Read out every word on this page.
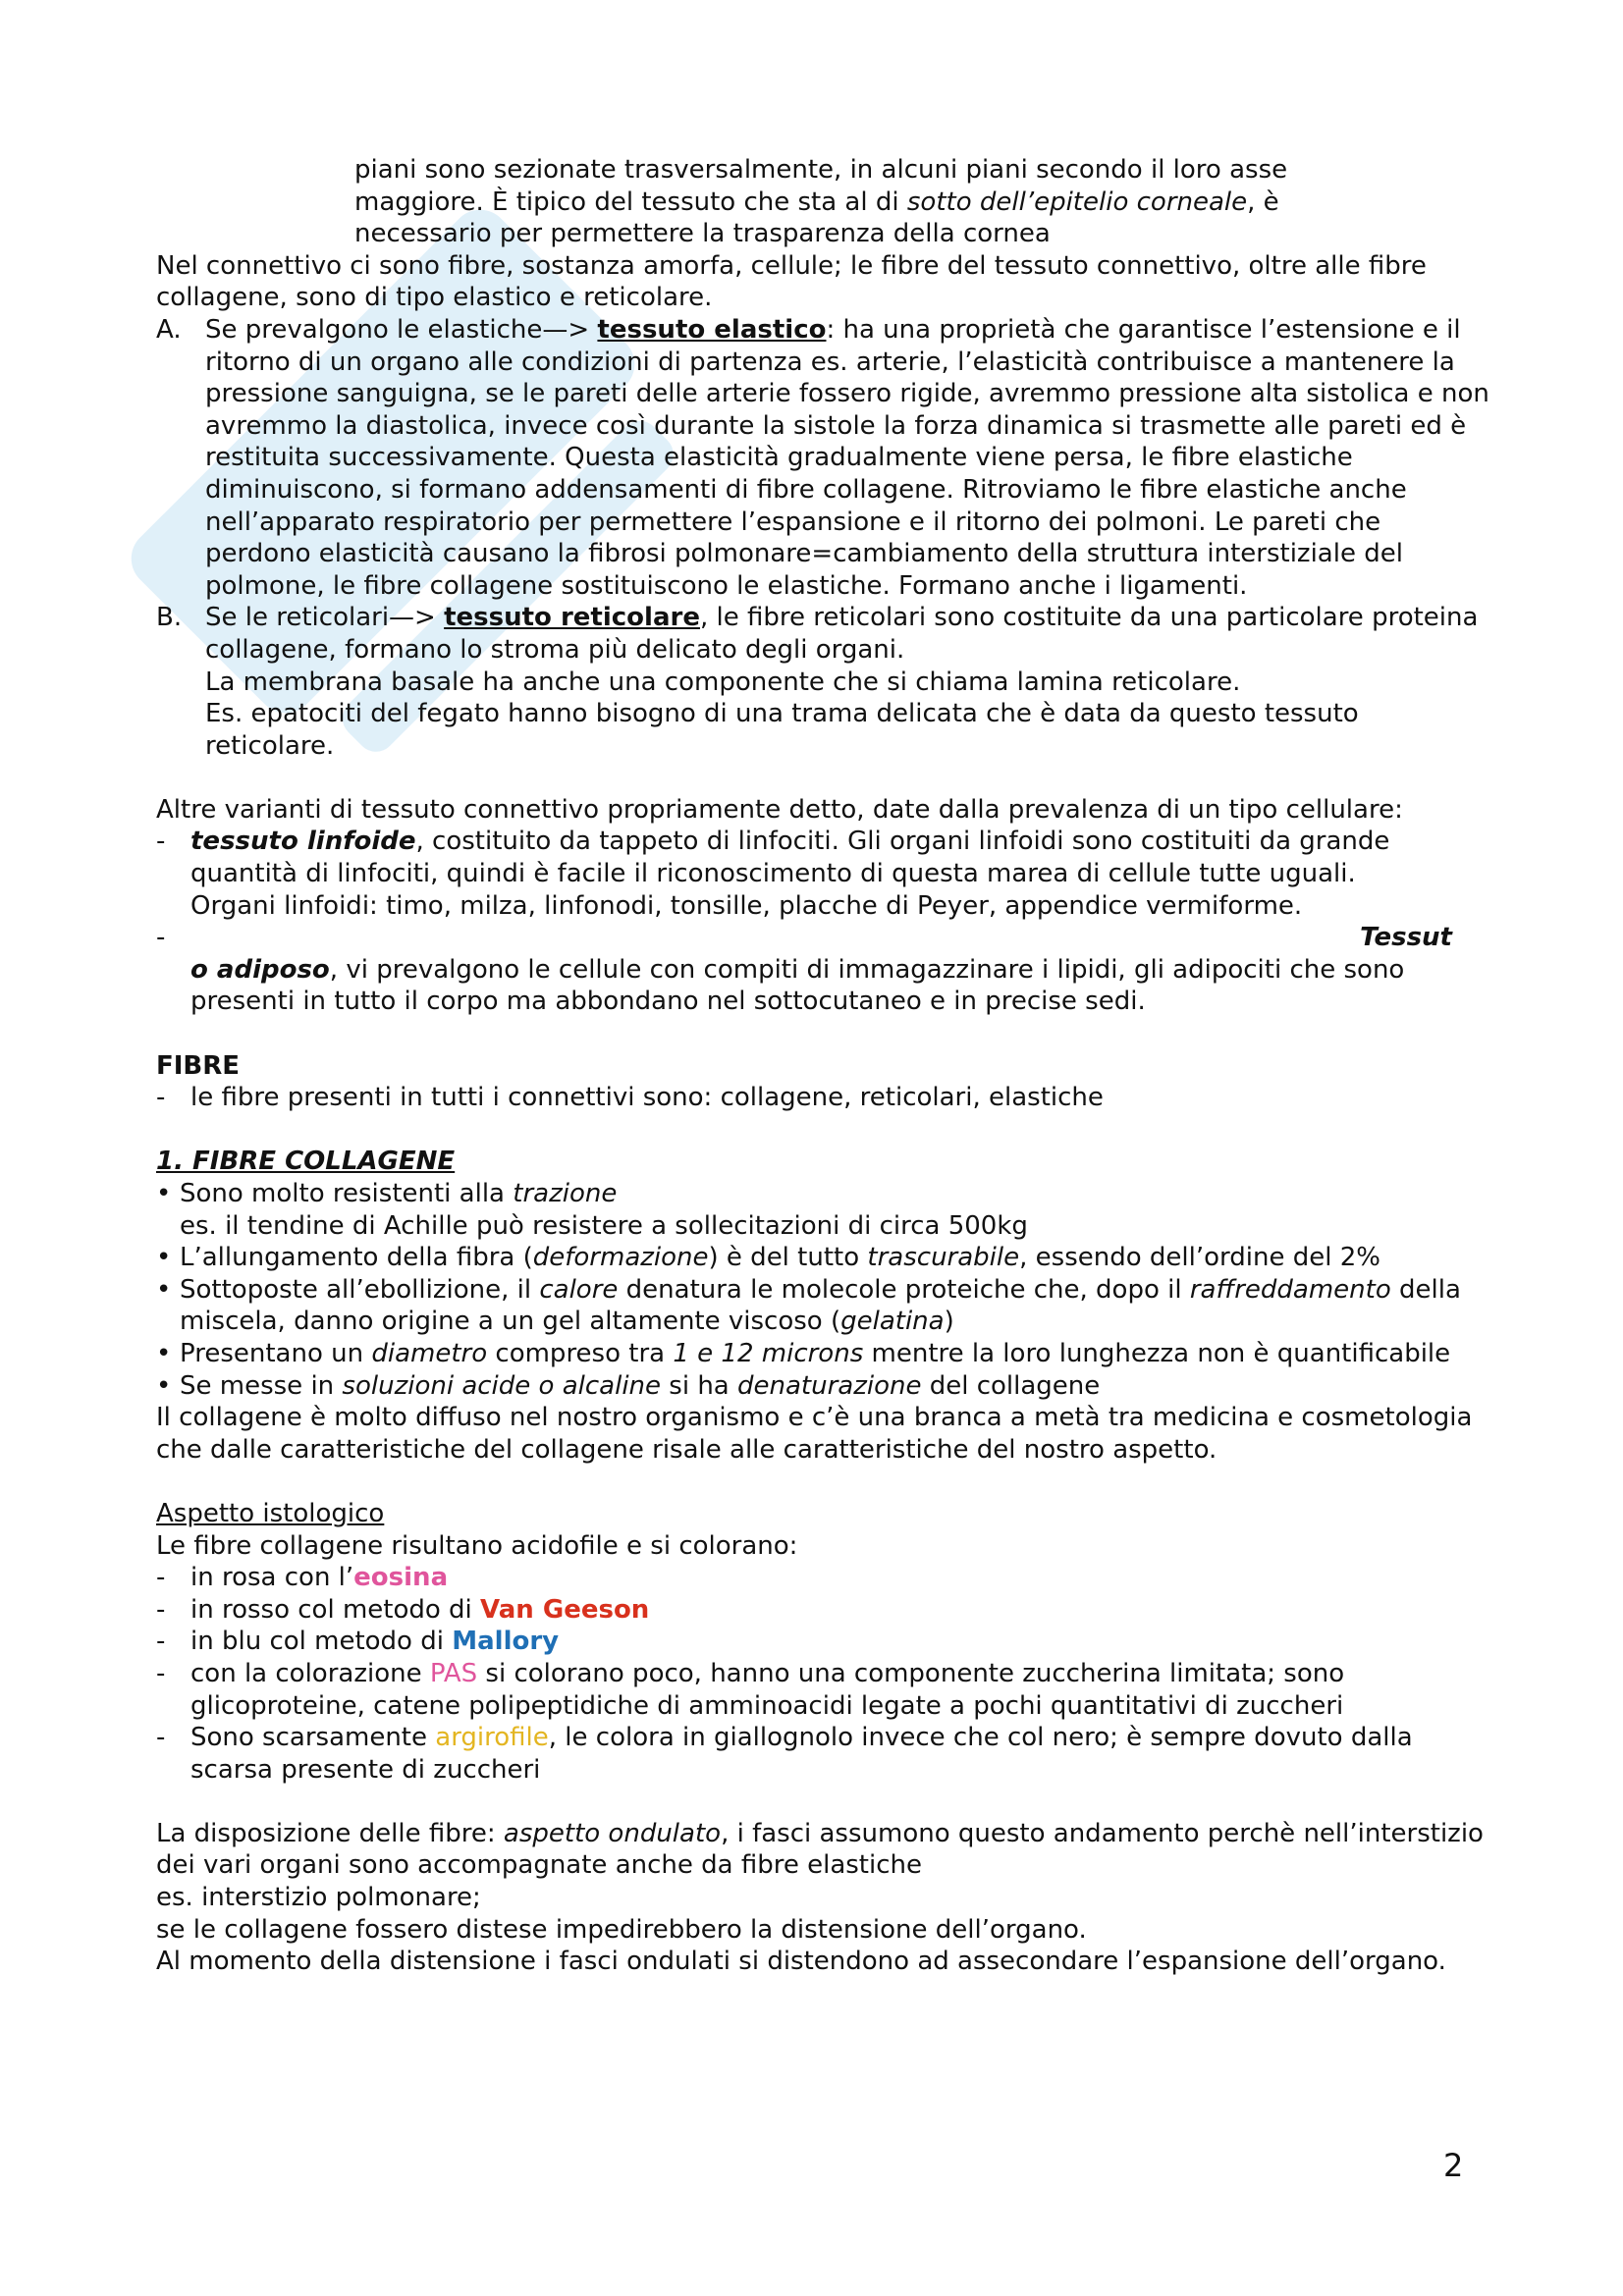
piani sono sezionate trasversalmente, in alcuni piani secondo il loro asse
maggiore. È tipico del tessuto che sta al di sotto dell’epitelio corneale, è
necessario per permettere la trasparenza della cornea
Nel connettivo ci sono fibre, sostanza amorfa, cellule; le fibre del tessuto connettivo, oltre alle fibre collagene, sono di tipo elastico e reticolare.
A. Se prevalgono le elastiche—> tessuto elastico: ha una proprietà che garantisce l’estensione e il ritorno di un organo alle condizioni di partenza es. arterie, l’elasticità contribuisce a mantenere la pressione sanguigna, se le pareti delle arterie fossero rigide, avremmo pressione alta sistolica e non avremmo la diastolica, invece così durante la sistole la forza dinamica si trasmette alle pareti ed è restituita successivamente. Questa elasticità gradualmente viene persa, le fibre elastiche diminuiscono, si formano addensamenti di fibre collagene. Ritroviamo le fibre elastiche anche nell’apparato respiratorio per permettere l’espansione e il ritorno dei polmoni. Le pareti che perdono elasticità causano la fibrosi polmonare=cambiamento della struttura interstiziale del polmone, le fibre collagene sostituiscono le elastiche. Formano anche i ligamenti.
B. Se le reticolari—> tessuto reticolare, le fibre reticolari sono costituite da una particolare proteina collagene, formano lo stroma più delicato degli organi.
La membrana basale ha anche una componente che si chiama lamina reticolare.
Es. epatociti del fegato hanno bisogno di una trama delicata che è data da questo tessuto reticolare.
Altre varianti di tessuto connettivo propriamente detto, date dalla prevalenza di un tipo cellulare:
- tessuto linfoide, costituito da tappeto di linfociti. Gli organi linfoidi sono costituiti da grande quantità di linfociti, quindi è facile il riconoscimento di questa marea di cellule tutte uguali.
Organi linfoidi: timo, milza, linfonodi, tonsille, placche di Peyer, appendice vermiforme.
-	Tessut
o adiposo, vi prevalgono le cellule con compiti di immagazzinare i lipidi, gli adipociti che sono presenti in tutto il corpo ma abbondano nel sottocutaneo e in precise sedi.
FIBRE
- le fibre presenti in tutti i connettivi sono: collagene, reticolari, elastiche
1. FIBRE COLLAGENE
• Sono molto resistenti alla trazione
es. il tendine di Achille può resistere a sollecitazioni di circa 500kg
• L’allungamento della fibra (deformazione) è del tutto trascurabile, essendo dell’ordine del 2%
• Sottoposte all’ebollizione, il calore denatura le molecole proteiche che, dopo il raffreddamento della miscela, danno origine a un gel altamente viscoso (gelatina)
• Presentano un diametro compreso tra 1 e 12 microns mentre la loro lunghezza non è quantificabile
• Se messe in soluzioni acide o alcaline si ha denaturazione del collagene
Il collagene è molto diffuso nel nostro organismo e c’è una branca a metà tra medicina e cosmetologia che dalle caratteristiche del collagene risale alle caratteristiche del nostro aspetto.
Aspetto istologico
Le fibre collagene risultano acidofile e si colorano:
- in rosa con l’eosina
- in rosso col metodo di Van Geeson
- in blu col metodo di Mallory
- con la colorazione PAS si colorano poco, hanno una componente zuccherina limitata; sono glicoproteine, catene polipeptidiche di amminoacidi legate a pochi quantitativi di zuccheri
- Sono scarsamente argirofile, le colora in giallognolo invece che col nero; è sempre dovuto dalla scarsa presente di zuccheri
La disposizione delle fibre: aspetto ondulato, i fasci assumono questo andamento perchè nell’interstizio dei vari organi sono accompagnate anche da fibre elastiche
es. interstizio polmonare;
se le collagene fossero distese impedirebbero la distensione dell’organo.
Al momento della distensione i fasci ondulati si distendono ad assecondare l’espansione dell’organo.
2
